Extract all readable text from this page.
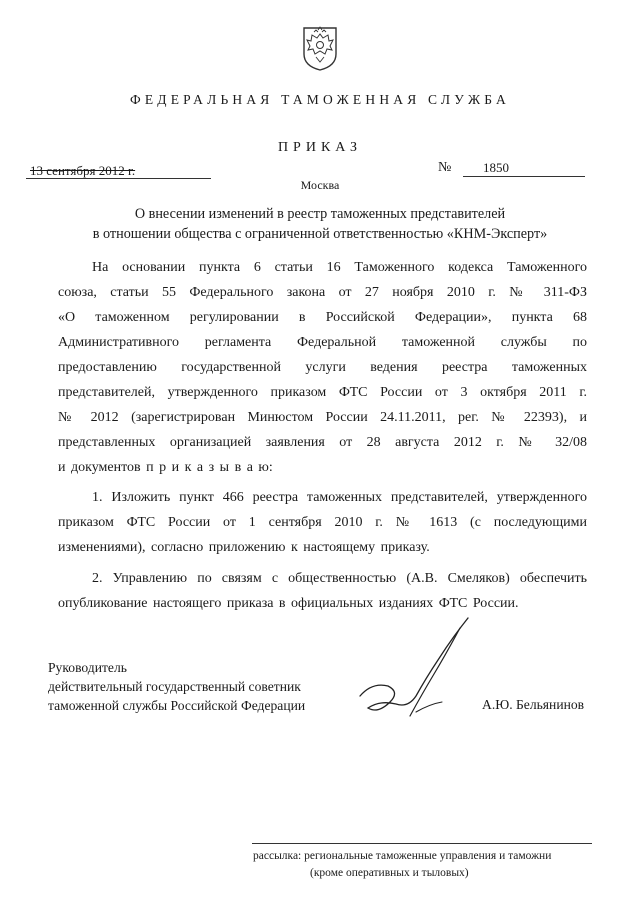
ФЕДЕРАЛЬНАЯ ТАМОЖЕННАЯ СЛУЖБА
ПРИКАЗ
13 сентября 2012 г.	№	1850
Москва
О внесении изменений в реестр таможенных представителей
в отношении общества с ограниченной ответственностью «КНМ-Эксперт»
На основании пункта 6 статьи 16 Таможенного кодекса Таможенного
союза, статьи 55 Федерального закона от 27 ноября 2010 г. № 311-ФЗ
«О таможенном регулировании в Российской Федерации», пункта 68
Административного регламента Федеральной таможенной службы по
предоставлению государственной услуги ведения реестра таможенных
представителей, утвержденного приказом ФТС России от 3 октября 2011 г.
№ 2012 (зарегистрирован Минюстом России 24.11.2011, рег. № 22393), и
представленных организацией заявления от 28 августа 2012 г. № 32/08
и документов п р и к а з ы в а ю:
1. Изложить пункт 466 реестра таможенных представителей, утвержденного
приказом ФТС России от 1 сентября 2010 г. № 1613 (с последующими
изменениями), согласно приложению к настоящему приказу.
2. Управлению по связям с общественностью (А.В. Смеляков) обеспечить
опубликование настоящего приказа в официальных изданиях ФТС России.
Руководитель
действительный государственный советник
таможенной службы Российской Федерации	А.Ю. Бельянинов
рассылка: региональные таможенные управления и таможни
(кроме оперативных и тыловых)
